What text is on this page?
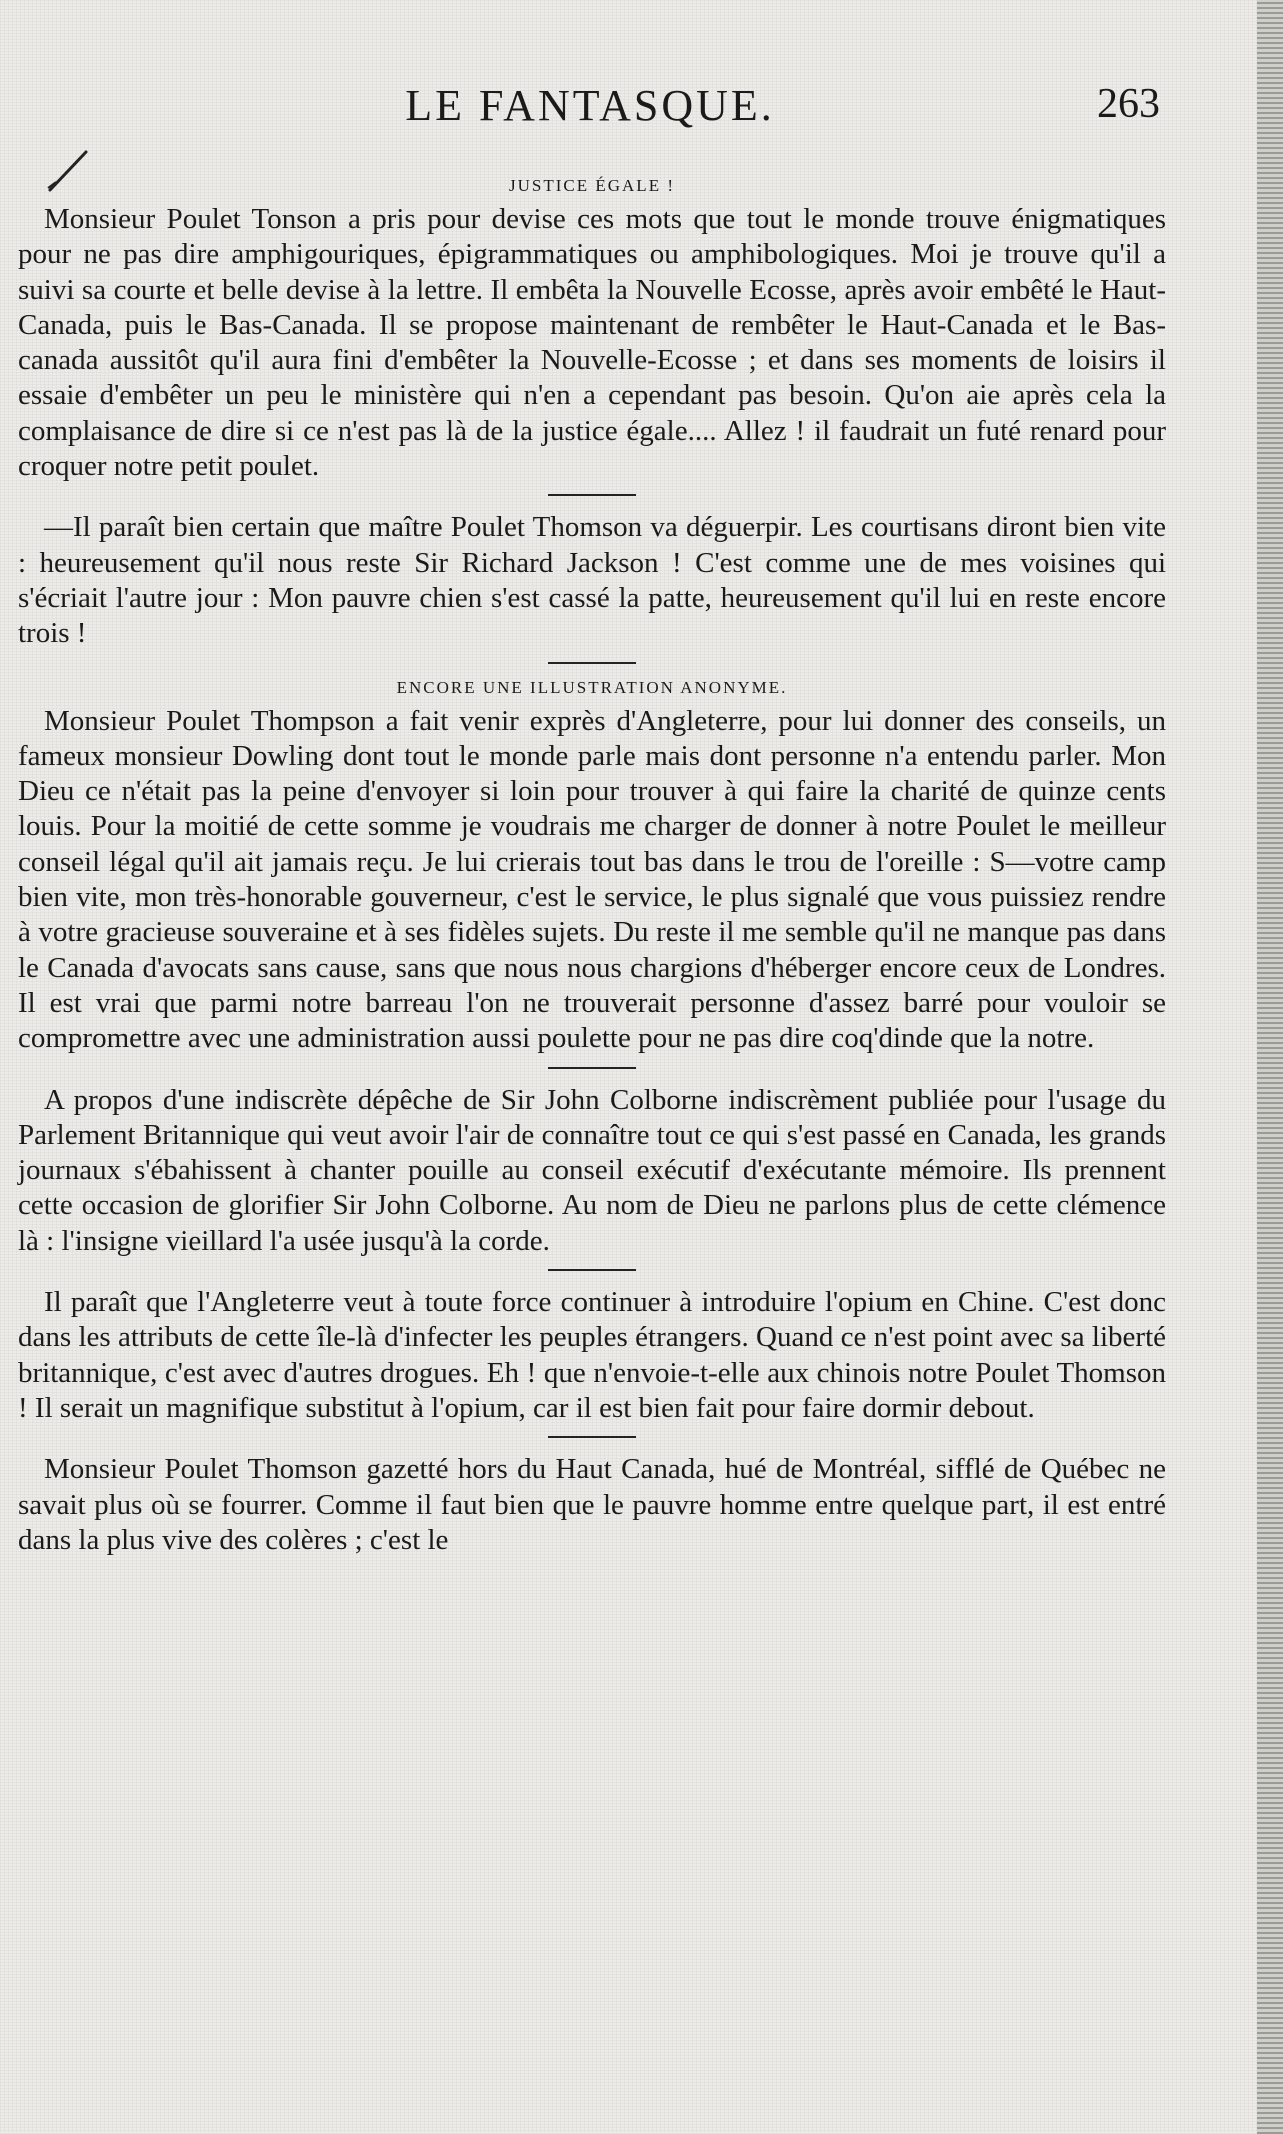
LE FANTASQUE.	263
JUSTICE ÉGALE !

Monsieur Poulet Tonson a pris pour devise ces mots que tout le monde trouve énigmatiques pour ne pas dire amphigouriques, épigrammatiques ou amphibologiques. Moi je trouve qu'il a suivi sa courte et belle devise à la lettre. Il embêta la Nouvelle Ecosse, après avoir embêté le Haut-Canada, puis le Bas-Canada. Il se propose maintenant de rembêter le Haut-Canada et le Bas-canada aussitôt qu'il aura fini d'embêter la Nouvelle-Ecosse ; et dans ses moments de loisirs il essaie d'embêter un peu le ministère qui n'en a cependant pas besoin. Qu'on aie après cela la complaisance de dire si ce n'est pas là de la justice égale.... Allez ! il faudrait un futé renard pour croquer notre petit poulet.

—Il paraît bien certain que maître Poulet Thomson va déguerpir. Les courtisans diront bien vite : heureusement qu'il nous reste Sir Richard Jackson ! C'est comme une de mes voisines qui s'écriait l'autre jour : Mon pauvre chien s'est cassé la patte, heureusement qu'il lui en reste encore trois !

ENCORE UNE ILLUSTRATION ANONYME.

Monsieur Poulet Thompson a fait venir exprès d'Angleterre, pour lui donner des conseils, un fameux monsieur Dowling dont tout le monde parle mais dont personne n'a entendu parler. Mon Dieu ce n'était pas la peine d'envoyer si loin pour trouver à qui faire la charité de quinze cents louis. Pour la moitié de cette somme je voudrais me charger de donner à notre Poulet le meilleur conseil légal qu'il ait jamais reçu. Je lui crierais tout bas dans le trou de l'oreille : S—votre camp bien vite, mon très-honorable gouverneur, c'est le service, le plus signalé que vous puissiez rendre à votre gracieuse souveraine et à ses fidèles sujets. Du reste il me semble qu'il ne manque pas dans le Canada d'avocats sans cause, sans que nous nous chargions d'héberger encore ceux de Londres. Il est vrai que parmi notre barreau l'on ne trouverait personne d'assez barré pour vouloir se compromettre avec une administration aussi poulette pour ne pas dire coq'dinde que la notre.

A propos d'une indiscrète dépêche de Sir John Colborne indiscrèment publiée pour l'usage du Parlement Britannique qui veut avoir l'air de connaître tout ce qui s'est passé en Canada, les grands journaux s'ébahissent à chanter pouille au conseil exécutif d'exécutante mémoire. Ils prennent cette occasion de glorifier Sir John Colborne. Au nom de Dieu ne parlons plus de cette clémence là : l'insigne vieillard l'a usée jusqu'à la corde.

Il paraît que l'Angleterre veut à toute force continuer à introduire l'opium en Chine. C'est donc dans les attributs de cette île-là d'infecter les peuples étrangers. Quand ce n'est point avec sa liberté britannique, c'est avec d'autres drogues. Eh ! que n'envoie-t-elle aux chinois notre Poulet Thomson ! Il serait un magnifique substitut à l'opium, car il est bien fait pour faire dormir debout.

Monsieur Poulet Thomson gazetté hors du Haut Canada, hué de Montréal, sifflé de Québec ne savait plus où se fourrer. Comme il faut bien que le pauvre homme entre quelque part, il est entré dans la plus vive des colères ; c'est le
